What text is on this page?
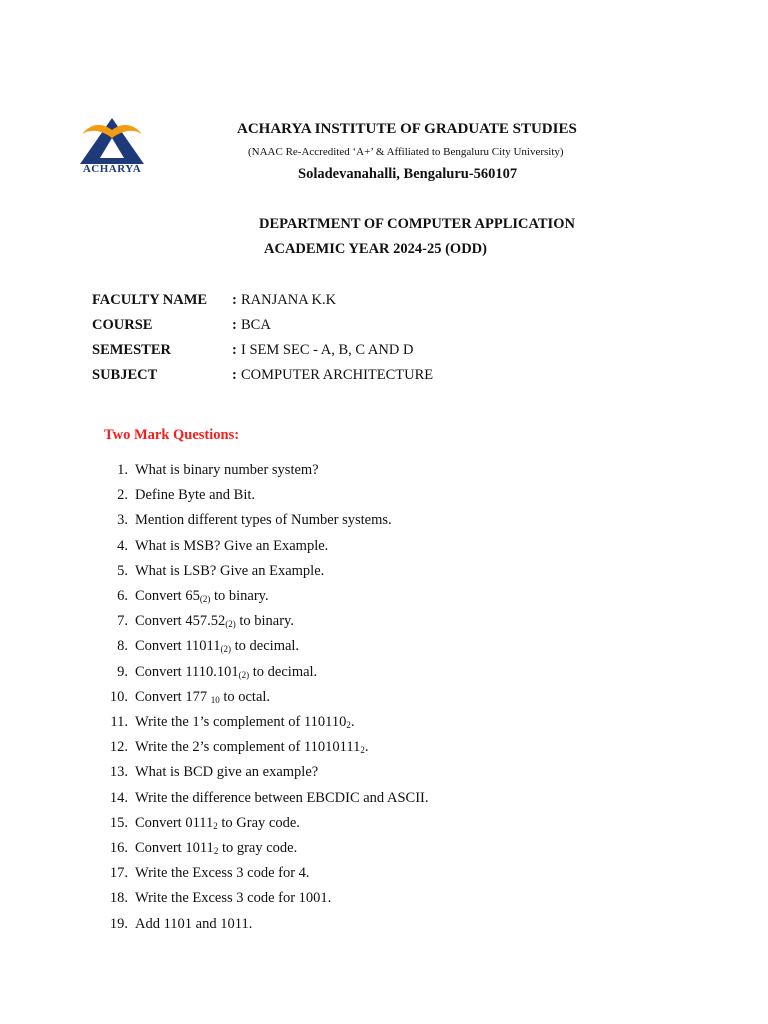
ACHARYA
ACHARYA INSTITUTE OF GRADUATE STUDIES
(NAAC Re-Accredited ‘A+’ & Affiliated to Bengaluru City University)
Soladevanahalli, Bengaluru-560107
DEPARTMENT OF COMPUTER APPLICATION
ACADEMIC YEAR 2024-25 (ODD)
FACULTY NAME : RANJANA K.K
COURSE	: BCA
SEMESTER	: I SEM SEC - A, B, C AND D
SUBJECT	: COMPUTER ARCHITECTURE
Two Mark Questions:
1. What is binary number system?
2. Define Byte and Bit.
3. Mention different types of Number systems.
4. What is MSB? Give an Example.
5. What is LSB? Give an Example.
6. Convert $65_{(2)}$ to binary.
7. Convert $457.52_{(2)}$ to binary.
8. Convert $11011_{(2)}$ to decimal.
9. Convert $1110.101_{(2)}$ to decimal.
10. Convert 177 $_{10}$ to octal.
11. Write the 1’s complement of $110110_2$.
12. Write the 2’s complement of $11010111_2$.
13. What is BCD give an example?
14. Write the difference between EBCDIC and ASCII.
15. Convert $0111_2$ to Gray code.
16. Convert $1011_2$ to gray code.
17. Write the Excess 3 code for 4.
18. Write the Excess 3 code for 1001.
19. Add 1101 and 1011.
